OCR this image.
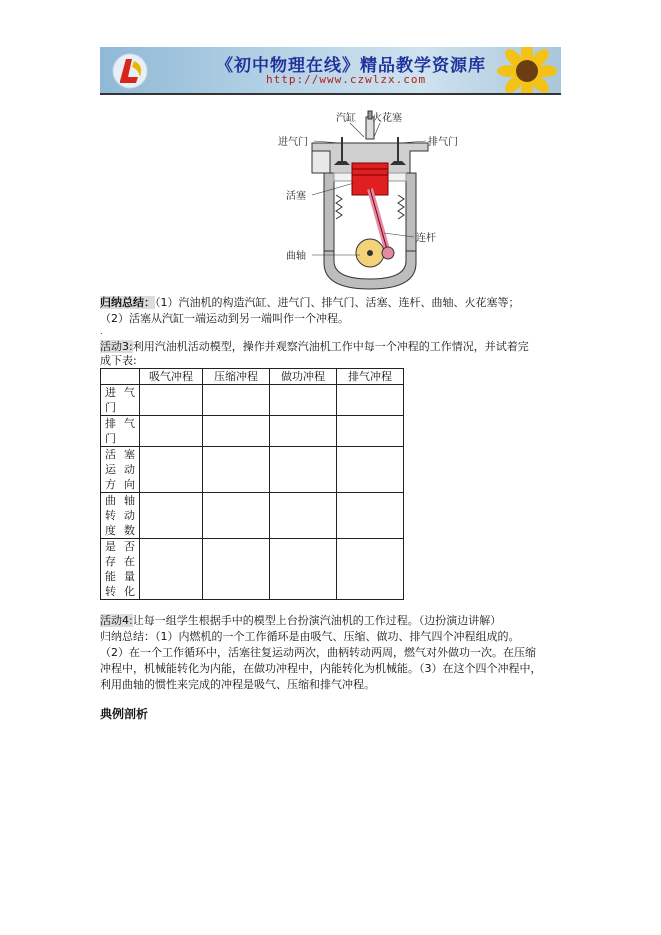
《初中物理在线》精品教学资源库
http://www.czwlzx.com
汽缸 火花塞
进气门	排气门
活塞
连杆
曲轴
归纳总结：（1）汽油机的构造汽缸、进气门、排气门、活塞、连杆、曲轴、火花塞等；
（2）活塞从汽缸一端运动到另一端叫作一个冲程。
.
活动3:利用汽油机活动模型，操作并观察汽油机工作中每一个冲程的工作情况，并试着完
成下表:
	吸气冲程	压缩冲程	做功冲程	排气冲程
进气门				
排气门				
活塞运动方向				
曲轴转动度数				
是否存在能量转化				
活动4:让每一组学生根据手中的模型上台扮演汽油机的工作过程。（边扮演边讲解）
归纳总结：（1）内燃机的一个工作循环是由吸气、压缩、做功、排气四个冲程组成的。
（2）在一个工作循环中，活塞往复运动两次，曲柄转动两周，燃气对外做功一次。在压缩
冲程中，机械能转化为内能，在做功冲程中，内能转化为机械能。（3）在这个四个冲程中，
利用曲轴的惯性来完成的冲程是吸气、压缩和排气冲程。
典例剖析
